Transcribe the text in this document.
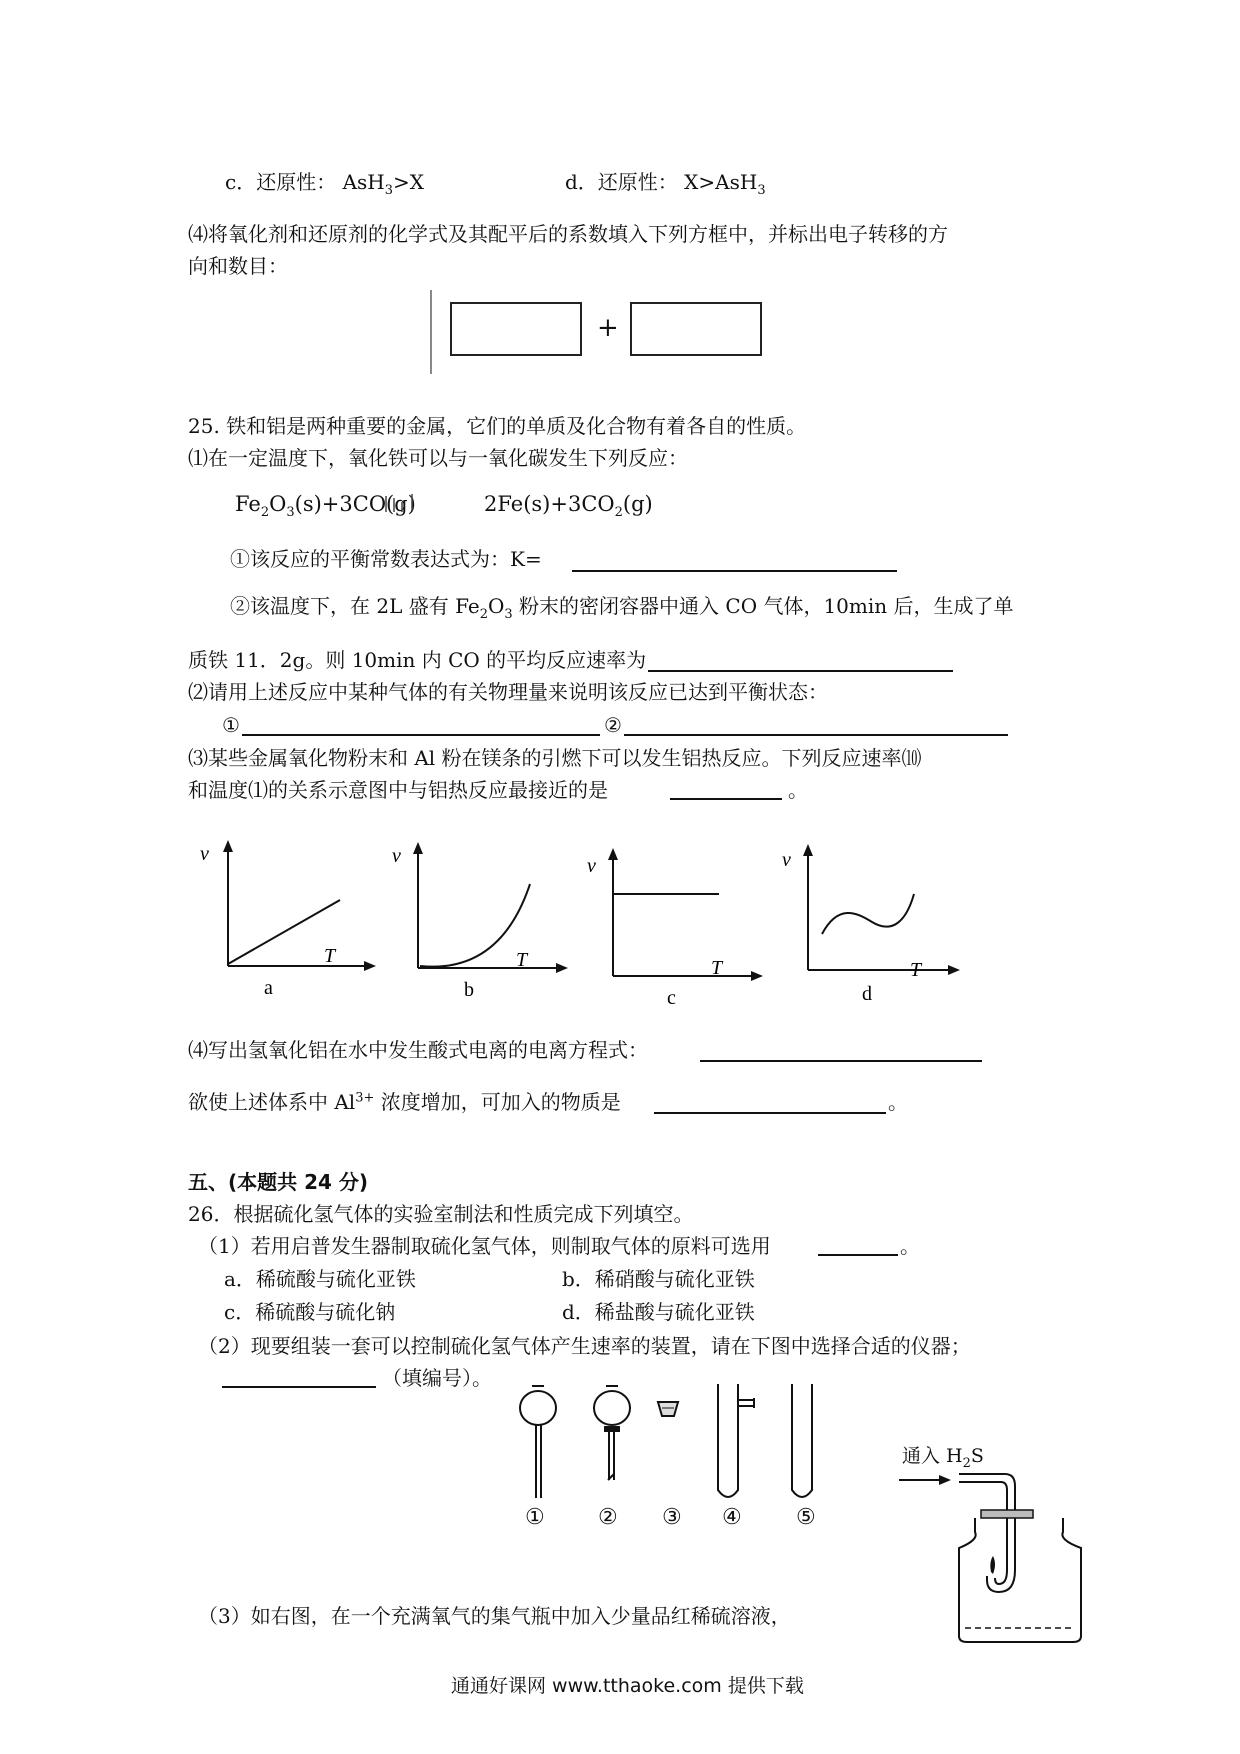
c．还原性： AsH$_3$>X	d．还原性： X>AsH$_3$
⑷将氧化剂和还原剂的化学式及其配平后的系数填入下列方框中，并标出电子转移的方
向和数目：
+
25. 铁和铝是两种重要的金属，它们的单质及化合物有着各自的性质。
⑴在一定温度下，氧化铁可以与一氧化碳发生下列反应：
$Fe_2O_3(s)+3CO(g)$	$2Fe(s)+3CO_2(g)$
①该反应的平衡常数表达式为：K=
②该温度下，在 2L 盛有 $Fe_2O_3$ 粉末的密闭容器中通入 CO 气体，10min 后，生成了单
质铁 11．2g。则 10min 内 CO 的平均反应速率为
⑵请用上述反应中某种气体的有关物理量来说明该反应已达到平衡状态：
①	②
⑶某些金属氧化物粉末和 Al 粉在镁条的引燃下可以发生铝热反应。下列反应速率⑽
和温度⑴的关系示意图中与铝热反应最接近的是	。
v
T
a
v
T
b
v
T
c
v
T
d
⑷写出氢氧化铝在水中发生酸式电离的电离方程式：
欲使上述体系中 $Al^{3+}$ 浓度增加，可加入的物质是	。
五、(本题共 24 分)
26．根据硫化氢气体的实验室制法和性质完成下列填空。
（1）若用启普发生器制取硫化氢气体，则制取气体的原料可选用	。
a．稀硫酸与硫化亚铁	b．稀硝酸与硫化亚铁
c．稀硫酸与硫化钠	d．稀盐酸与硫化亚铁
（2）现要组装一套可以控制硫化氢气体产生速率的装置，请在下图中选择合适的仪器；
（填编号）。
① ② ③ ④ ⑤
通入 $H_2S$
（3）如右图，在一个充满氧气的集气瓶中加入少量品红稀硫溶液，
通通好课网 www.tthaoke.com 提供下载
